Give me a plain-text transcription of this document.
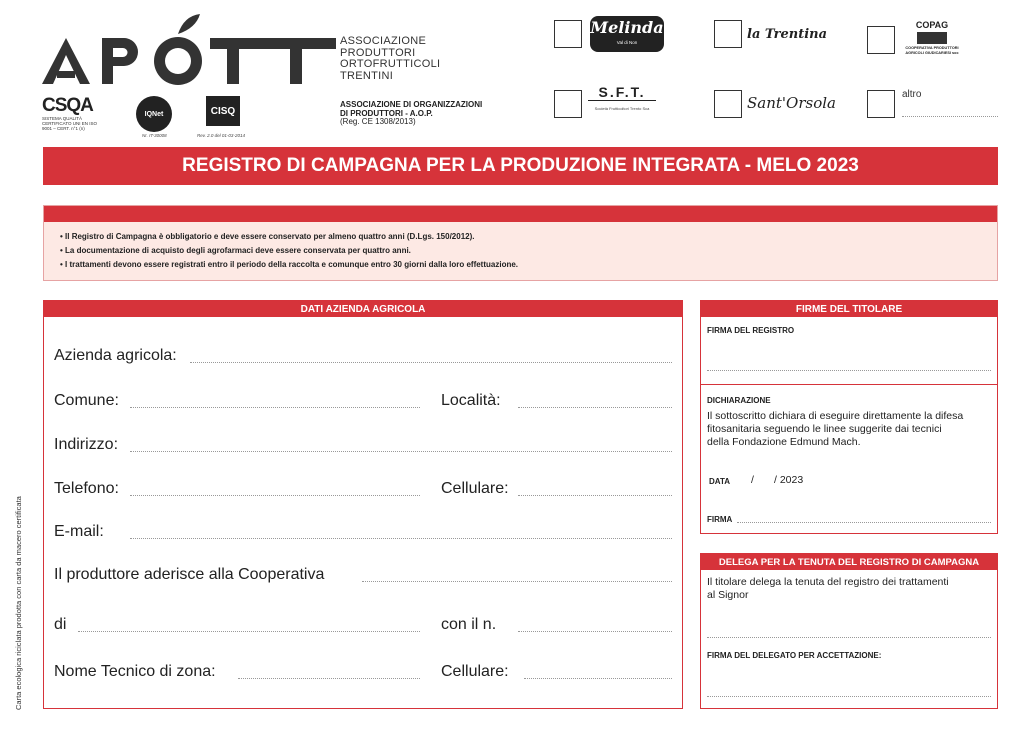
ASSOCIAZIONE
PRODUTTORI
ORTOFRUTTICOLI
TRENTINI
ASSOCIAZIONE DI ORGANIZZAZIONI
DI PRODUTTORI - A.O.P.
(Reg. CE 1308/2013)
CSQA
SISTEMA QUALITÀ CERTIFICATO UNI EN ISO 9001 – CERT. n°1 (n)
IQNet
Nr. IT-30008
CISQ
Rev. 2.0 del 01-03-2014
Melinda
Val di Non
la Trentina
COPAG
COOPERATIVA PRODUTTORI AGRICOLI GIUDICARIESI soc
S.F.T.
Società Frutticoltori Trento Sca	Sant'Orsola	altro
REGISTRO DI CAMPAGNA PER LA PRODUZIONE INTEGRATA - MELO 2023
• Il Registro di Campagna è obbligatorio e deve essere conservato per almeno quattro anni (D.Lgs. 150/2012).
• La documentazione di acquisto degli agrofarmaci deve essere conservata per quattro anni.
• I trattamenti devono essere registrati entro il periodo della raccolta e comunque entro 30 giorni dalla loro effettuazione.
DATI AZIENDA AGRICOLA
Azienda agricola:
Comune:	Località:
Indirizzo:
Telefono:	Cellulare:
E-mail:
Il produttore aderisce alla Cooperativa
di	con il n.
Nome Tecnico di zona:	Cellulare:
FIRME DEL TITOLARE
FIRMA DEL REGISTRO
DICHIARAZIONE
Il sottoscritto dichiara di eseguire direttamente la difesa
fitosanitaria seguendo le linee suggerite dai tecnici
della Fondazione Edmund Mach.
DATA / / 2023
FIRMA
DELEGA PER LA TENUTA DEL REGISTRO DI CAMPAGNA
Il titolare delega la tenuta del registro dei trattamenti
al Signor
FIRMA DEL DELEGATO PER ACCETTAZIONE:
Carta ecologica riciclata prodotta con carta da macero certificata
